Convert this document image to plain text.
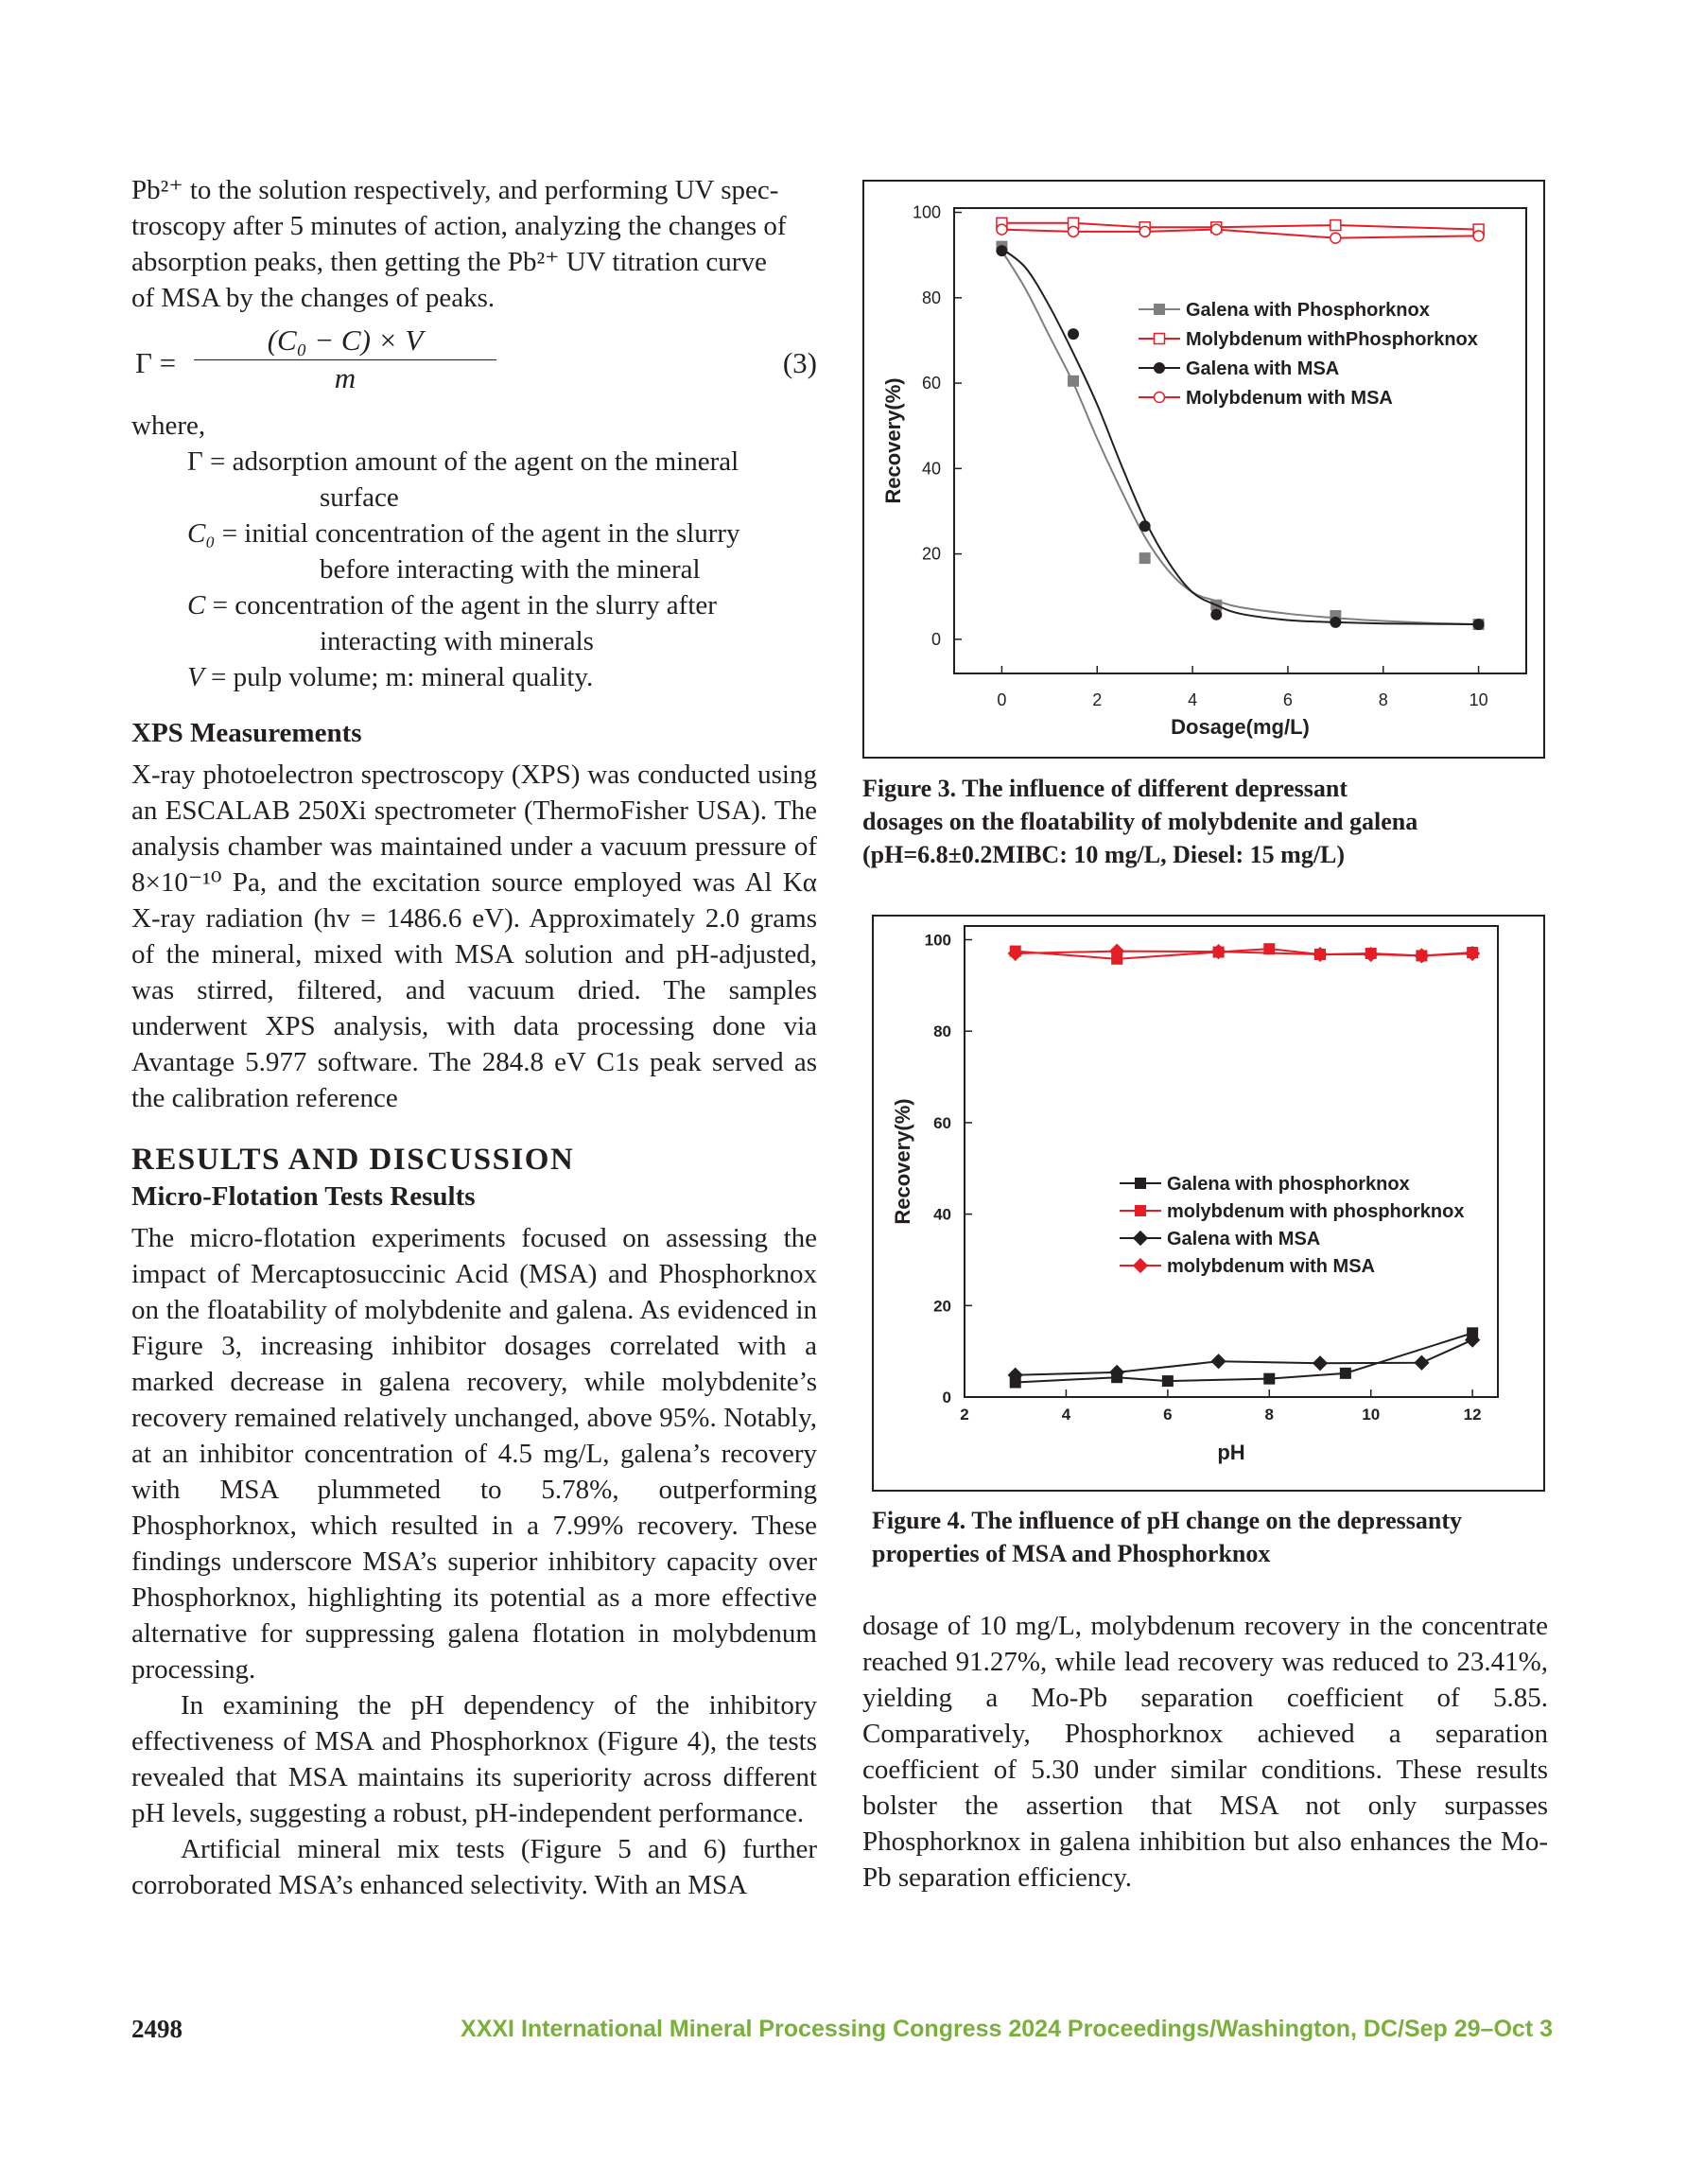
Pb²⁺ to the solution respectively, and performing UV spec-

troscopy after 5 minutes of action, analyzing the changes of

absorption peaks, then getting the Pb²⁺ UV titration curve

of MSA by the changes of peaks.

Γ =
(C₀ − C) × V
m	(3)

where,

Γ = adsorption amount of the agent on the mineral
surface
C₀ = initial concentration of the agent in the slurry
before interacting with the mineral
C = concentration of the agent in the slurry after
interacting with minerals
V = pulp volume; m: mineral quality.
XPS Measurements

X-ray photoelectron spectroscopy (XPS) was conducted using an ESCALAB 250Xi spectrometer (ThermoFisher USA). The analysis chamber was maintained under a vacuum pressure of 8×10⁻¹⁰ Pa, and the excitation source employed was Al Kα X-ray radiation (hv = 1486.6 eV). Approximately 2.0 grams of the mineral, mixed with MSA solution and pH-adjusted, was stirred, filtered, and vacuum dried. The samples underwent XPS analysis, with data processing done via Avantage 5.977 software. The 284.8 eV C1s peak served as the calibration reference

RESULTS AND DISCUSSION
Micro-Flotation Tests Results

The micro-flotation experiments focused on assessing the impact of Mercaptosuccinic Acid (MSA) and Phosphorknox on the floatability of molybdenite and galena. As evidenced in Figure 3, increasing inhibitor dosages correlated with a marked decrease in galena recovery, while molybdenite’s recovery remained relatively unchanged, above 95%. Notably, at an inhibitor concentration of 4.5 mg/L, galena’s recovery with MSA plummeted to 5.78%, outperforming Phosphorknox, which resulted in a 7.99% recovery. These findings underscore MSA’s superior inhibitory capacity over Phosphorknox, highlighting its potential as a more effective alternative for suppressing galena flotation in molybdenum processing.

In examining the pH dependency of the inhibitory effectiveness of MSA and Phosphorknox (Figure 4), the tests revealed that MSA maintains its superiority across different pH levels, suggesting a robust, pH-independent performance.

Artificial mineral mix tests (Figure 5 and 6) further corroborated MSA’s enhanced selectivity. With an MSA

0
20
40
60
80
100
0	2	4	6	8	10
Dosage(mg/L)
Recovery(%)
Galena with Phosphorknox
Molybdenum withPhosphorknox
Galena with MSA
Molybdenum with MSA
Figure 3. The influence of different depressant
dosages on the floatability of molybdenite and galena
(pH=6.8±0.2MIBC: 10 mg/L, Diesel: 15 mg/L)
0
20
40
60
80
100
2	4	6	8	10	12
pH
Recovery(%)	Galena with phosphorknox
molybdenum with phosphorknox
Galena with MSA
molybdenum with MSA
Figure 4. The influence of pH change on the depressanty
properties of MSA and Phosphorknox

dosage of 10 mg/L, molybdenum recovery in the concentrate reached 91.27%, while lead recovery was reduced to 23.41%, yielding a Mo-Pb separation coefficient of 5.85. Comparatively, Phosphorknox achieved a separation coefficient of 5.30 under similar conditions. These results bolster the assertion that MSA not only surpasses Phosphorknox in galena inhibition but also enhances the Mo-Pb separation efficiency.

2498	XXXI International Mineral Processing Congress 2024 Proceedings/Washington, DC/Sep 29–Oct 3
